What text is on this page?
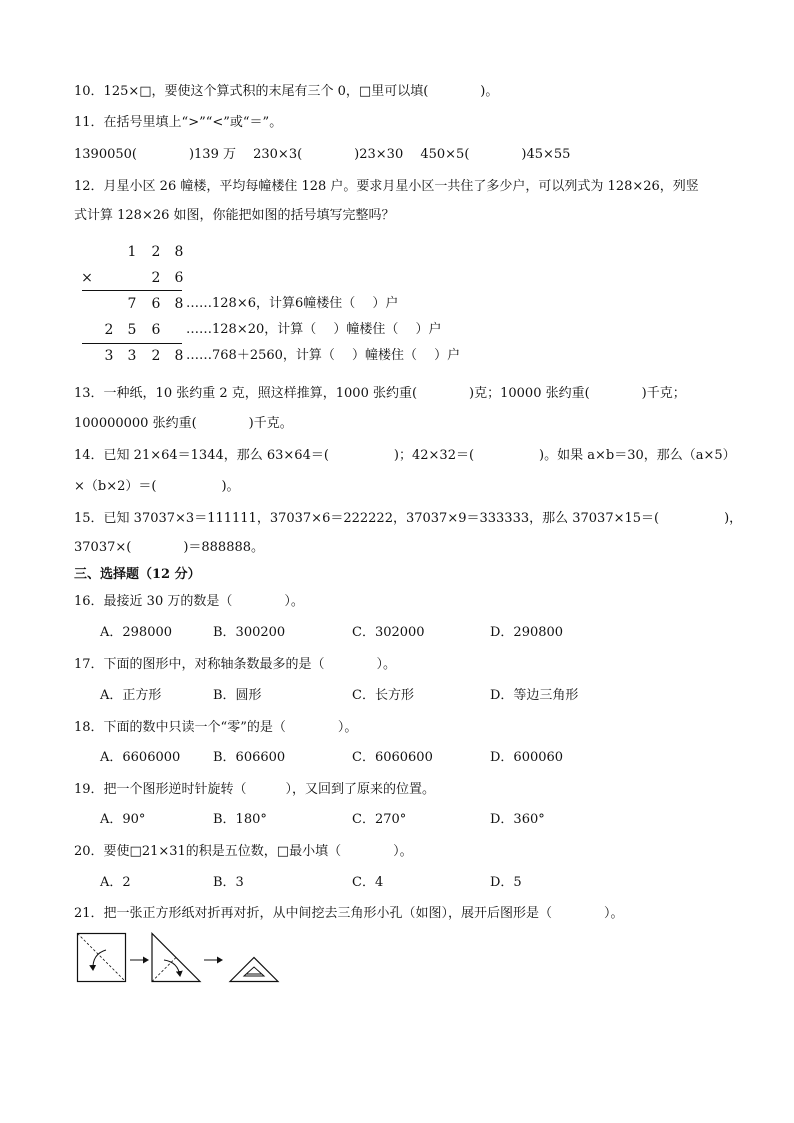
10．125×□，要使这个算式积的末尾有三个 0，□里可以填(　　　　)。
11．在括号里填上“>”“<”或“＝”。
1390050(　　　　)139 万　 230×3(　　　　)23×30　 450×5(　　　　)45×55
12．月星小区 26 幢楼，平均每幢楼住 128 户。要求月星小区一共住了多少户，可以列式为 128×26，列竖
式计算 128×26 如图，你能把如图的括号填写完整吗？
1 2 8
×	2 6
7 6 8 ……128×6，计算6幢楼住（　 ）户
2 5 6 ……128×20，计算（　 ）幢楼住（　 ）户
3 3 2 8 ……768＋2560，计算（　 ）幢楼住（　 ）户
13．一种纸，10 张约重 2 克，照这样推算，1000 张约重(　　　　)克；10000 张约重(　　　　)千克；
100000000 张约重(　　　　)千克。
14．已知 21×64＝1344，那么 63×64＝(　　　　　)；42×32＝(　　　　　)。如果 a×b＝30，那么（a×5）
×（b×2）＝(　　　　　)。
15．已知 37037×3＝111111，37037×6＝222222，37037×9＝333333，那么 37037×15＝(　　　　　)，
37037×(　　　　)＝888888。
三、选择题（12 分）
16．最接近 30 万的数是（　　　　）。
A．298000	B．300200	C．302000	D．290800
17．下面的图形中，对称轴条数最多的是（　　　　）。
A．正方形	B．圆形	C．长方形	D．等边三角形
18．下面的数中只读一个“零”的是（　　　　）。
A．6606000	B．606600	C．6060600	D．600060
19．把一个图形逆时针旋转（　　　），又回到了原来的位置。
A．90°	B．180°	C．270°	D．360°
20．要使□21×31的积是五位数，□最小填（　　　　）。
A．2	B．3	C．4	D．5
21．把一张正方形纸对折再对折，从中间挖去三角形小孔（如图），展开后图形是（　　　　）。
